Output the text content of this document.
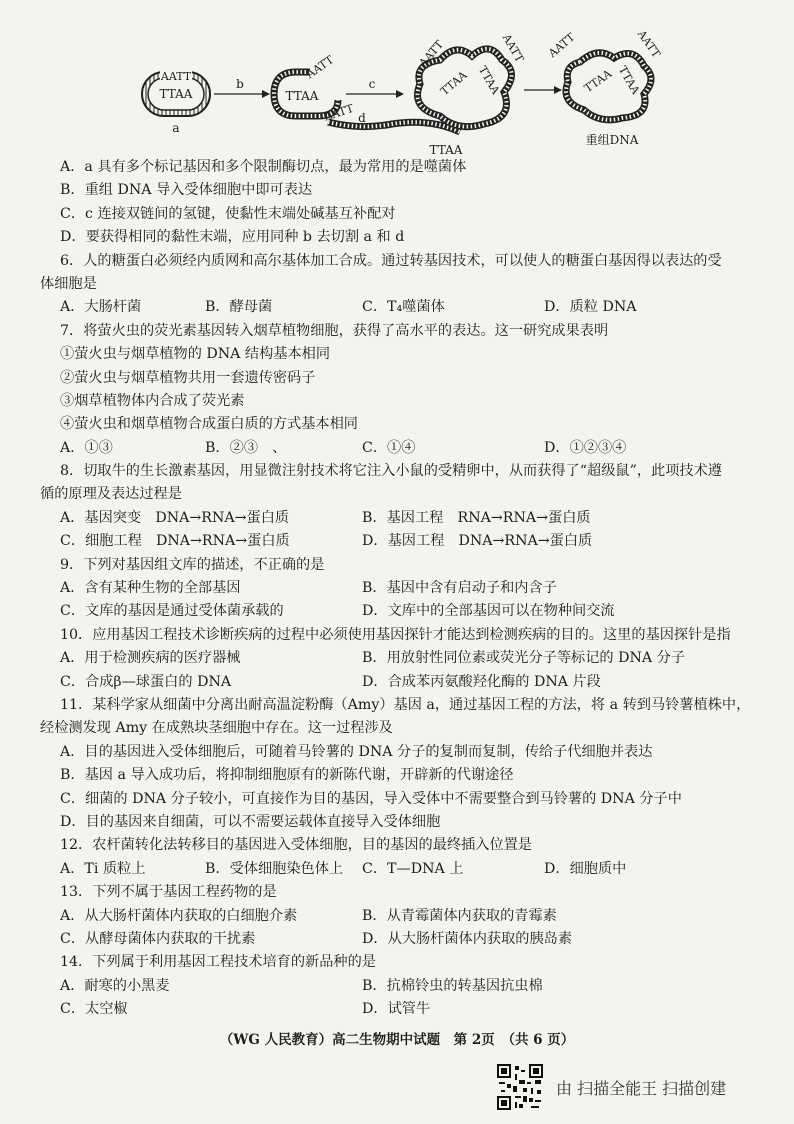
AATT
TTAA
a
b
TTAA
AATT
c
AATT d
TTAA
AATT	AATT
TTAA TTAA
AATT	AATT
TTAA TTAA
重组DNA
A．a 具有多个标记基因和多个限制酶切点，最为常用的是噬菌体
B．重组 DNA 导入受体细胞中即可表达
C．c 连接双链间的氢键，使黏性末端处碱基互补配对
D．要获得相同的黏性末端，应用同种 b 去切割 a 和 d
6．人的糖蛋白必须经内质网和高尔基体加工合成。通过转基因技术，可以使人的糖蛋白基因得以表达的受
体细胞是
A．大肠杆菌	B．酵母菌	C．T₄噬菌体	D．质粒 DNA
7．将萤火虫的荧光素基因转入烟草植物细胞，获得了高水平的表达。这一研究成果表明
①萤火虫与烟草植物的 DNA 结构基本相同
②萤火虫与烟草植物共用一套遗传密码子
③烟草植物体内合成了荧光素
④萤火虫和烟草植物合成蛋白质的方式基本相同
A．①③	B．②③　、	C．①④	D．①②③④
8．切取牛的生长激素基因，用显微注射技术将它注入小鼠的受精卵中，从而获得了“超级鼠”，此项技术遵
循的原理及表达过程是
A．基因突变　DNA→RNA→蛋白质	B．基因工程　RNA→RNA→蛋白质
C．细胞工程　DNA→RNA→蛋白质	D．基因工程　DNA→RNA→蛋白质
9．下列对基因组文库的描述，不正确的是
A．含有某种生物的全部基因	B．基因中含有启动子和内含子
C．文库的基因是通过受体菌承载的	D．文库中的全部基因可以在物种间交流
10．应用基因工程技术诊断疾病的过程中必须使用基因探针才能达到检测疾病的目的。这里的基因探针是指
A．用于检测疾病的医疗器械	B．用放射性同位素或荧光分子等标记的 DNA 分子
C．合成β—球蛋白的 DNA	D．合成苯丙氨酸羟化酶的 DNA 片段
11．某科学家从细菌中分离出耐高温淀粉酶（Amy）基因 a，通过基因工程的方法，将 a 转到马铃薯植株中，
经检测发现 Amy 在成熟块茎细胞中存在。这一过程涉及
A．目的基因进入受体细胞后，可随着马铃薯的 DNA 分子的复制而复制，传给子代细胞并表达
B．基因 a 导入成功后，将抑制细胞原有的新陈代谢，开辟新的代谢途径
C．细菌的 DNA 分子较小，可直接作为目的基因，导入受体中不需要整合到马铃薯的 DNA 分子中
D．目的基因来自细菌，可以不需要运载体直接导入受体细胞
12．农杆菌转化法转移目的基因进入受体细胞，目的基因的最终插入位置是
A．Ti 质粒上	B．受体细胞染色体上	C．T—DNA 上	D．细胞质中
13．下列不属于基因工程药物的是
A．从大肠杆菌体内获取的白细胞介素	B．从青霉菌体内获取的青霉素
C．从酵母菌体内获取的干扰素	D．从大肠杆菌体内获取的胰岛素
14．下列属于利用基因工程技术培育的新品种的是
A．耐寒的小黑麦	B．抗棉铃虫的转基因抗虫棉
C．太空椒	D．试管牛
（WG 人民教育）高二生物期中试题　第 2页　（共 6 页）
由 扫描全能王 扫描创建
